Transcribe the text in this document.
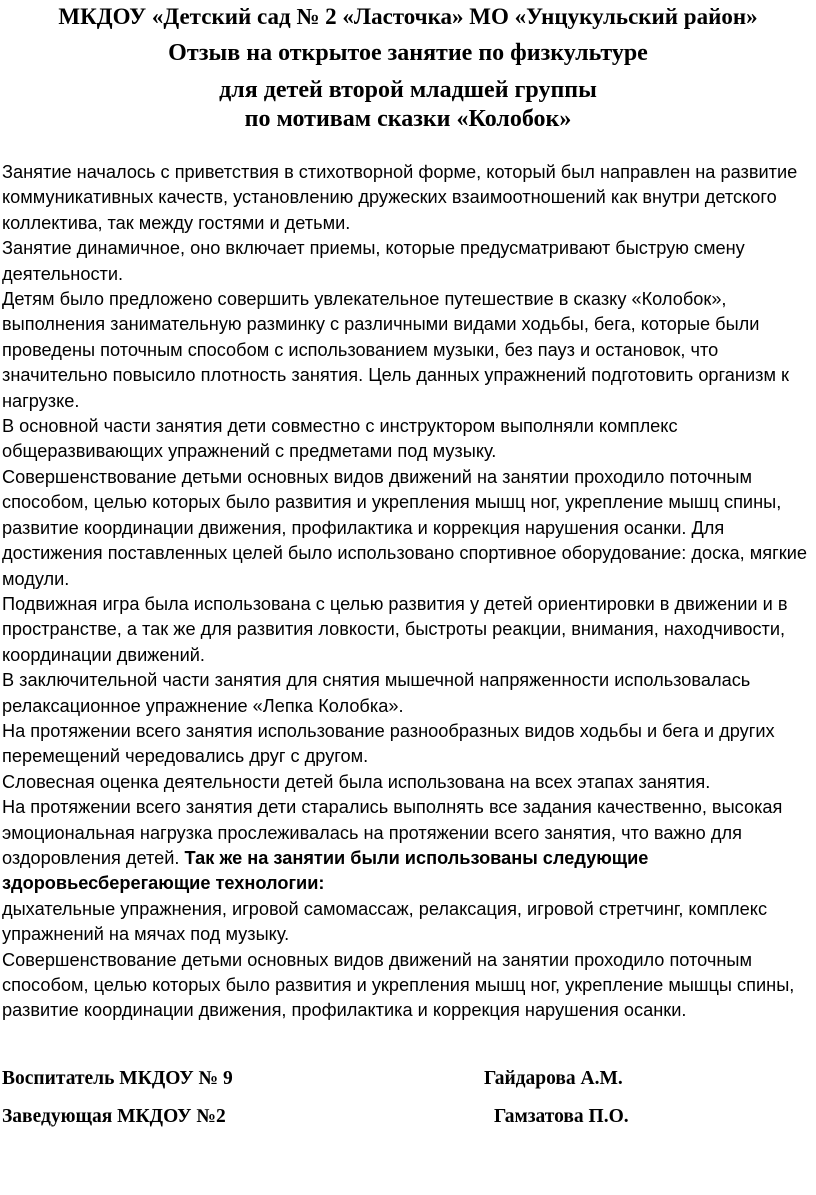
МКДОУ «Детский сад № 2 «Ласточка» МО «Унцукульский район»
Отзыв на открытое занятие по физкультуре
для детей второй младшей группы
по мотивам сказки «Колобок»

Занятие началось с приветствия в стихотворной форме, который был направлен на развитие коммуникативных качеств, установлению дружеских взаимоотношений как внутри детского коллектива, так между гостями и детьми.

Занятие динамичное, оно включает приемы, которые предусматривают быструю смену деятельности.

Детям было предложено совершить увлекательное путешествие в сказку «Колобок», выполнения занимательную разминку с различными видами ходьбы, бега, которые были проведены поточным способом с использованием музыки, без пауз и остановок, что значительно повысило плотность занятия. Цель данных упражнений подготовить организм к нагрузке.

В основной части занятия дети совместно с инструктором выполняли комплекс общеразвивающих упражнений с предметами под музыку.

Совершенствование детьми основных видов движений на занятии проходило поточным способом, целью которых было развития и укрепления мышц ног, укрепление мышц спины, развитие координации движения, профилактика и коррекция нарушения осанки. Для достижения поставленных целей было использовано спортивное оборудование: доска, мягкие модули.

Подвижная игра была использована с целью развития у детей ориентировки в движении и в пространстве, а так же для развития ловкости, быстроты реакции, внимания, находчивости, координации движений.

В заключительной части занятия для снятия мышечной напряженности использовалась релаксационное упражнение «Лепка Колобка».

На протяжении всего занятия использование разнообразных видов ходьбы и бега и других перемещений чередовались друг с другом.

Словесная оценка деятельности детей была использована на всех этапах занятия.

На протяжении всего занятия дети старались выполнять все задания качественно, высокая эмоциональная нагрузка прослеживалась на протяжении всего занятия, что важно для оздоровления детей. Так же на занятии были использованы следующие здоровьесберегающие технологии:

дыхательные упражнения, игровой самомассаж, релаксация, игровой стретчинг, комплекс упражнений на мячах под музыку.

Совершенствование детьми основных видов движений на занятии проходило поточным способом, целью которых было развития и укрепления мышц ног, укрепление мышцы спины, развитие координации движения, профилактика и коррекция нарушения осанки.

Воспитатель МКДОУ № 9	Гайдарова А.М.
Заведующая МКДОУ №2	Гамзатова П.О.
